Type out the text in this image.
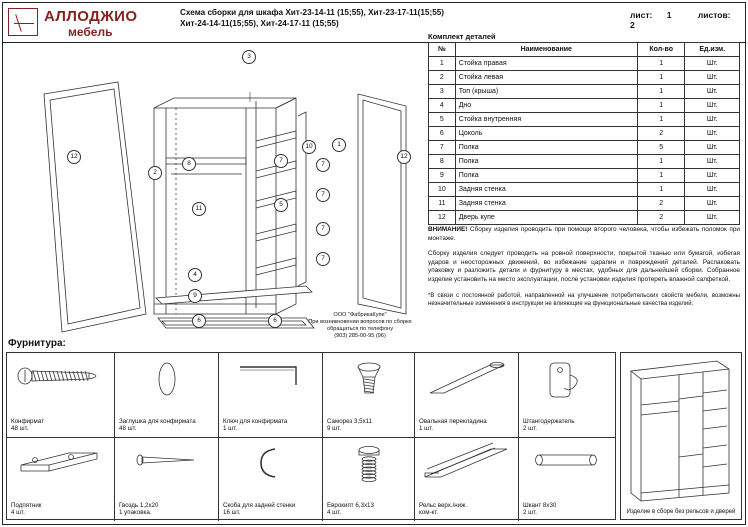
АЛЛОДЖИО
мебель
Схема сборки для шкафа Хит-23-14-11 (15;55), Хит-23-17-11(15;55)
Хит-24-14-11(15;55), Хит-24-17-11 (15;55)
лист: 1	листов: 2
Комплект деталей
№	Наименование	Кол-во	Ед.изм.
1	Стойка правая	1	Шт.
2	Стойка левая	1	Шт.
3	Топ (крыша)	1	Шт.
4	Дно	1	Шт.
5	Стойка внутренняя	1	Шт.
6	Цоколь	2	Шт.
7	Полка	5	Шт.
8	Полка	1	Шт.
9	Полка	1	Шт.
10	Задняя стенка	1	Шт.
11	Задняя стенка	2	Шт.
12	Дверь купе	2	Шт.

ВНИМАНИЕ! Сборку изделия проводить при помощи второго человека, чтобы избежать поломок при монтаже.

Сборку изделия следует проводить на ровной поверхности, покрытой тканью или бумагой, избегая ударов и неосторожных движений, во избежание царапин и повреждений деталей. Распаковать упаковку и разложить детали и фурнитуру в местах, удобных для дальнейшей сборки. Собранное изделие установить на место эксплуатации, после установки изделия протереть влажной салфеткой.

*В связи с постоянной работой, направленной на улучшение потребительских свойств мебели, возможны незначительные изменения в инструкции не влияющие на функциональные качества изделий.

12	12
2
8
3
10	1
7
7
7
7
7
5
11
4
9
6	6
ООО "ФабрикаКупе"
При возникновении вопросов по сборке
обращаться по телефону
(903) 285-00-95 (96)
Фурнитура:
Конфирмат
48 шт.
Заглушка для конфирмата
48 шт.
Ключ для конфирмата
1 шт.
Саморез 3,5х11
9 шт.
Овальная перекладина
1 шт.
Штангодержатель
2 шт.
Подпятник
4 шт.
Гвоздь 1,2х20
1 упаковка.
Скоба для задней стенки
16 шт.
Еврокипт 6,3х13
4 шт.
Рельс верх./ниж.
ком-кт.
Шкант 8х30
2 шт.	Изделие в сборе без рельсов и дверей
